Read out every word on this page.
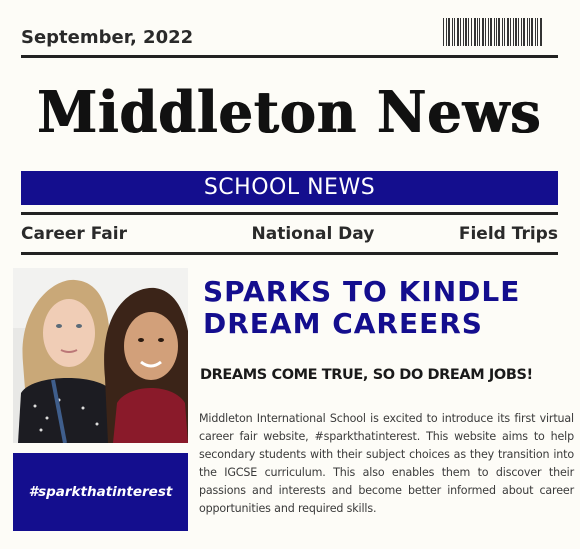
September, 2022
Middleton News
SCHOOL NEWS
Career Fair	National Day	Field Trips
#sparkthatinterest
SPARKS TO KINDLE DREAM CAREERS
DREAMS COME TRUE, SO DO DREAM JOBS!

Middleton International School is excited to introduce its first virtual career fair website, #sparkthatinterest. This website aims to help secondary students with their subject choices as they transition into the IGCSE curriculum. This also enables them to discover their passions and interests and become better informed about career opportunities and required skills.
